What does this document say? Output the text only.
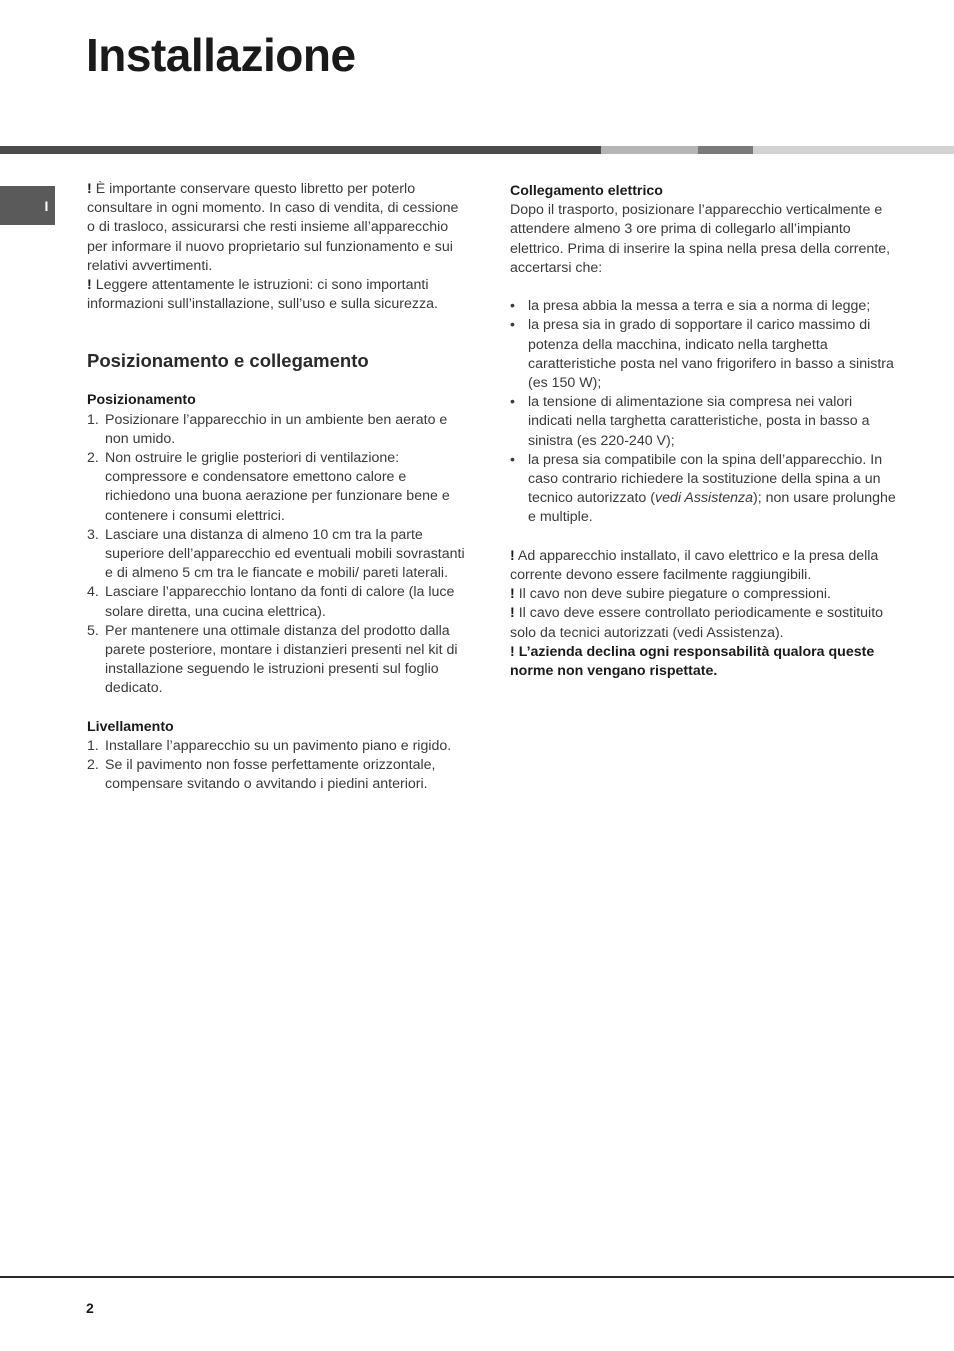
Installazione
I

! È importante conservare questo libretto per poterlo consultare in ogni momento. In caso di vendita, di cessione o di trasloco, assicurarsi che resti insieme all’apparecchio per informare il nuovo proprietario sul funzionamento e sui relativi avvertimenti.

! Leggere attentamente le istruzioni: ci sono importanti informazioni sull’installazione, sull’uso e sulla sicurezza.

Posizionamento e collegamento

Posizionamento

1. Posizionare l’apparecchio in un ambiente ben aerato e non umido.
2. Non ostruire le griglie posteriori di ventilazione: compressore e condensatore emettono calore e richiedono una buona aerazione per funzionare bene e contenere i consumi elettrici.
3. Lasciare una distanza di almeno 10 cm tra la parte superiore dell’apparecchio ed eventuali mobili sovrastanti e di almeno 5 cm tra le fiancate e mobili/ pareti laterali.
4. Lasciare l’apparecchio lontano da fonti di calore (la luce solare diretta, una cucina elettrica).
5. Per mantenere una ottimale distanza del prodotto dalla parete posteriore, montare i distanzieri presenti nel kit di installazione seguendo le istruzioni presenti sul foglio dedicato.

Livellamento

1. Installare l’apparecchio su un pavimento piano e rigido.
2. Se il pavimento non fosse perfettamente orizzontale, compensare svitando o avvitando i piedini anteriori.

Collegamento elettrico

Dopo il trasporto, posizionare l’apparecchio verticalmente e attendere almeno 3 ore prima di collegarlo all’impianto elettrico. Prima di inserire la spina nella presa della corrente, accertarsi che:

• la presa abbia la messa a terra e sia a norma di legge;
• la presa sia in grado di sopportare il carico massimo di potenza della macchina, indicato nella targhetta caratteristiche posta nel vano frigorifero in basso a sinistra (es 150 W);
• la tensione di alimentazione sia compresa nei valori indicati nella targhetta caratteristiche, posta in basso a sinistra (es 220-240 V);
• la presa sia compatibile con la spina dell’apparecchio. In caso contrario richiedere la sostituzione della spina a un tecnico autorizzato (vedi Assistenza); non usare prolunghe e multiple.

! Ad apparecchio installato, il cavo elettrico e la presa della corrente devono essere facilmente raggiungibili.

! Il cavo non deve subire piegature o compressioni.

! Il cavo deve essere controllato periodicamente e sostituito solo da tecnici autorizzati (vedi Assistenza).

! L’azienda declina ogni responsabilità qualora queste norme non vengano rispettate.

2
